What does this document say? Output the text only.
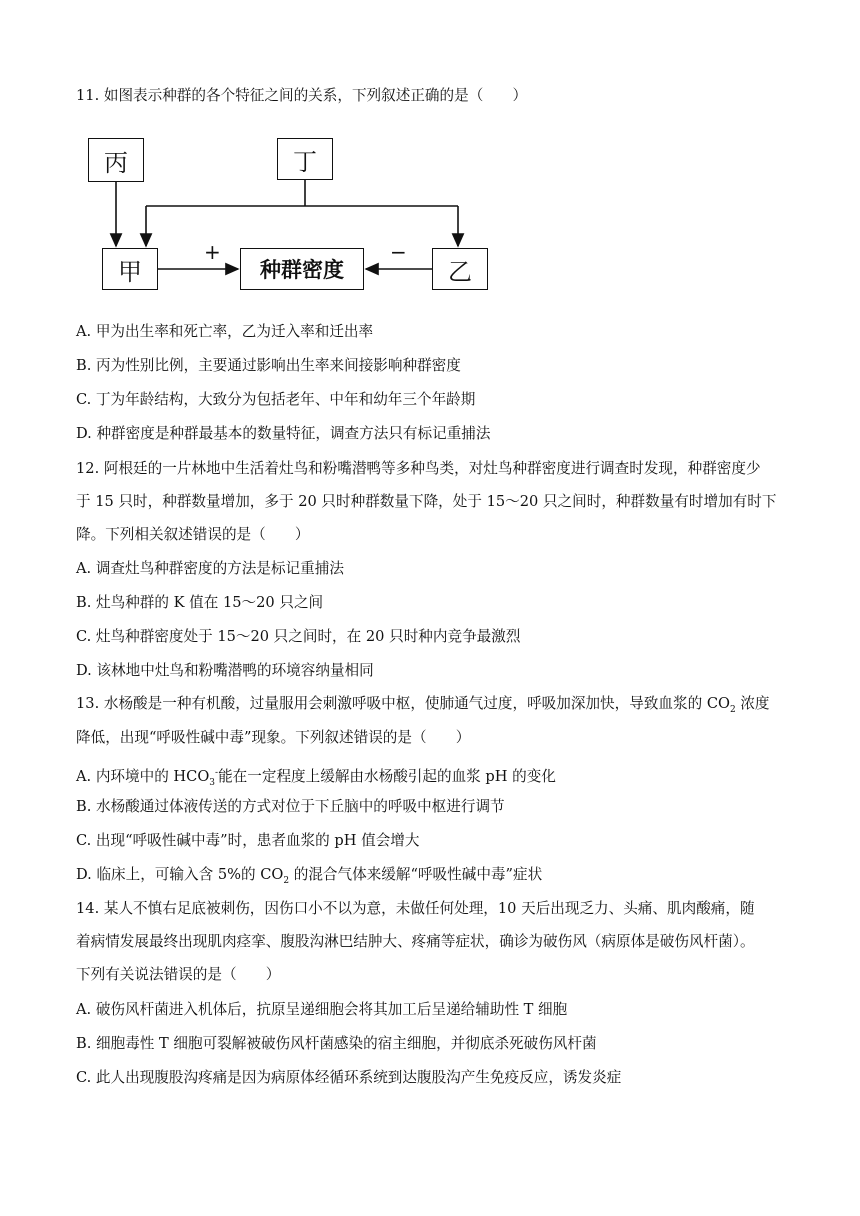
11. 如图表示种群的各个特征之间的关系，下列叙述正确的是（　　）
丙	丁
甲	种群密度	乙
+	−
A. 甲为出生率和死亡率，乙为迁入率和迁出率
B. 丙为性别比例，主要通过影响出生率来间接影响种群密度
C. 丁为年龄结构，大致分为包括老年、中年和幼年三个年龄期
D. 种群密度是种群最基本的数量特征，调查方法只有标记重捕法
12. 阿根廷的一片林地中生活着灶鸟和粉嘴潜鸭等多种鸟类，对灶鸟种群密度进行调查时发现，种群密度少
于 15 只时，种群数量增加，多于 20 只时种群数量下降，处于 15～20 只之间时，种群数量有时增加有时下
降。下列相关叙述错误的是（　　）
A. 调查灶鸟种群密度的方法是标记重捕法
B. 灶鸟种群的 K 值在 15～20 只之间
C. 灶鸟种群密度处于 15～20 只之间时，在 20 只时种内竞争最激烈
D. 该林地中灶鸟和粉嘴潜鸭的环境容纳量相同
13. 水杨酸是一种有机酸，过量服用会刺激呼吸中枢，使肺通气过度，呼吸加深加快，导致血浆的 $CO_2$ 浓度
降低，出现“呼吸性碱中毒”现象。下列叙述错误的是（　　）
A. 内环境中的 $HCO_3^-$能在一定程度上缓解由水杨酸引起的血浆 pH 的变化
B. 水杨酸通过体液传送的方式对位于下丘脑中的呼吸中枢进行调节
C. 出现“呼吸性碱中毒”时，患者血浆的 pH 值会增大
D. 临床上，可输入含 5%的 $CO_2$ 的混合气体来缓解“呼吸性碱中毒”症状
14. 某人不慎右足底被刺伤，因伤口小不以为意，未做任何处理，10 天后出现乏力、头痛、肌肉酸痛，随
着病情发展最终出现肌肉痉挛、腹股沟淋巴结肿大、疼痛等症状，确诊为破伤风（病原体是破伤风杆菌）。
下列有关说法错误的是（　　）
A. 破伤风杆菌进入机体后，抗原呈递细胞会将其加工后呈递给辅助性 T 细胞
B. 细胞毒性 T 细胞可裂解被破伤风杆菌感染的宿主细胞，并彻底杀死破伤风杆菌
C. 此人出现腹股沟疼痛是因为病原体经循环系统到达腹股沟产生免疫反应，诱发炎症
